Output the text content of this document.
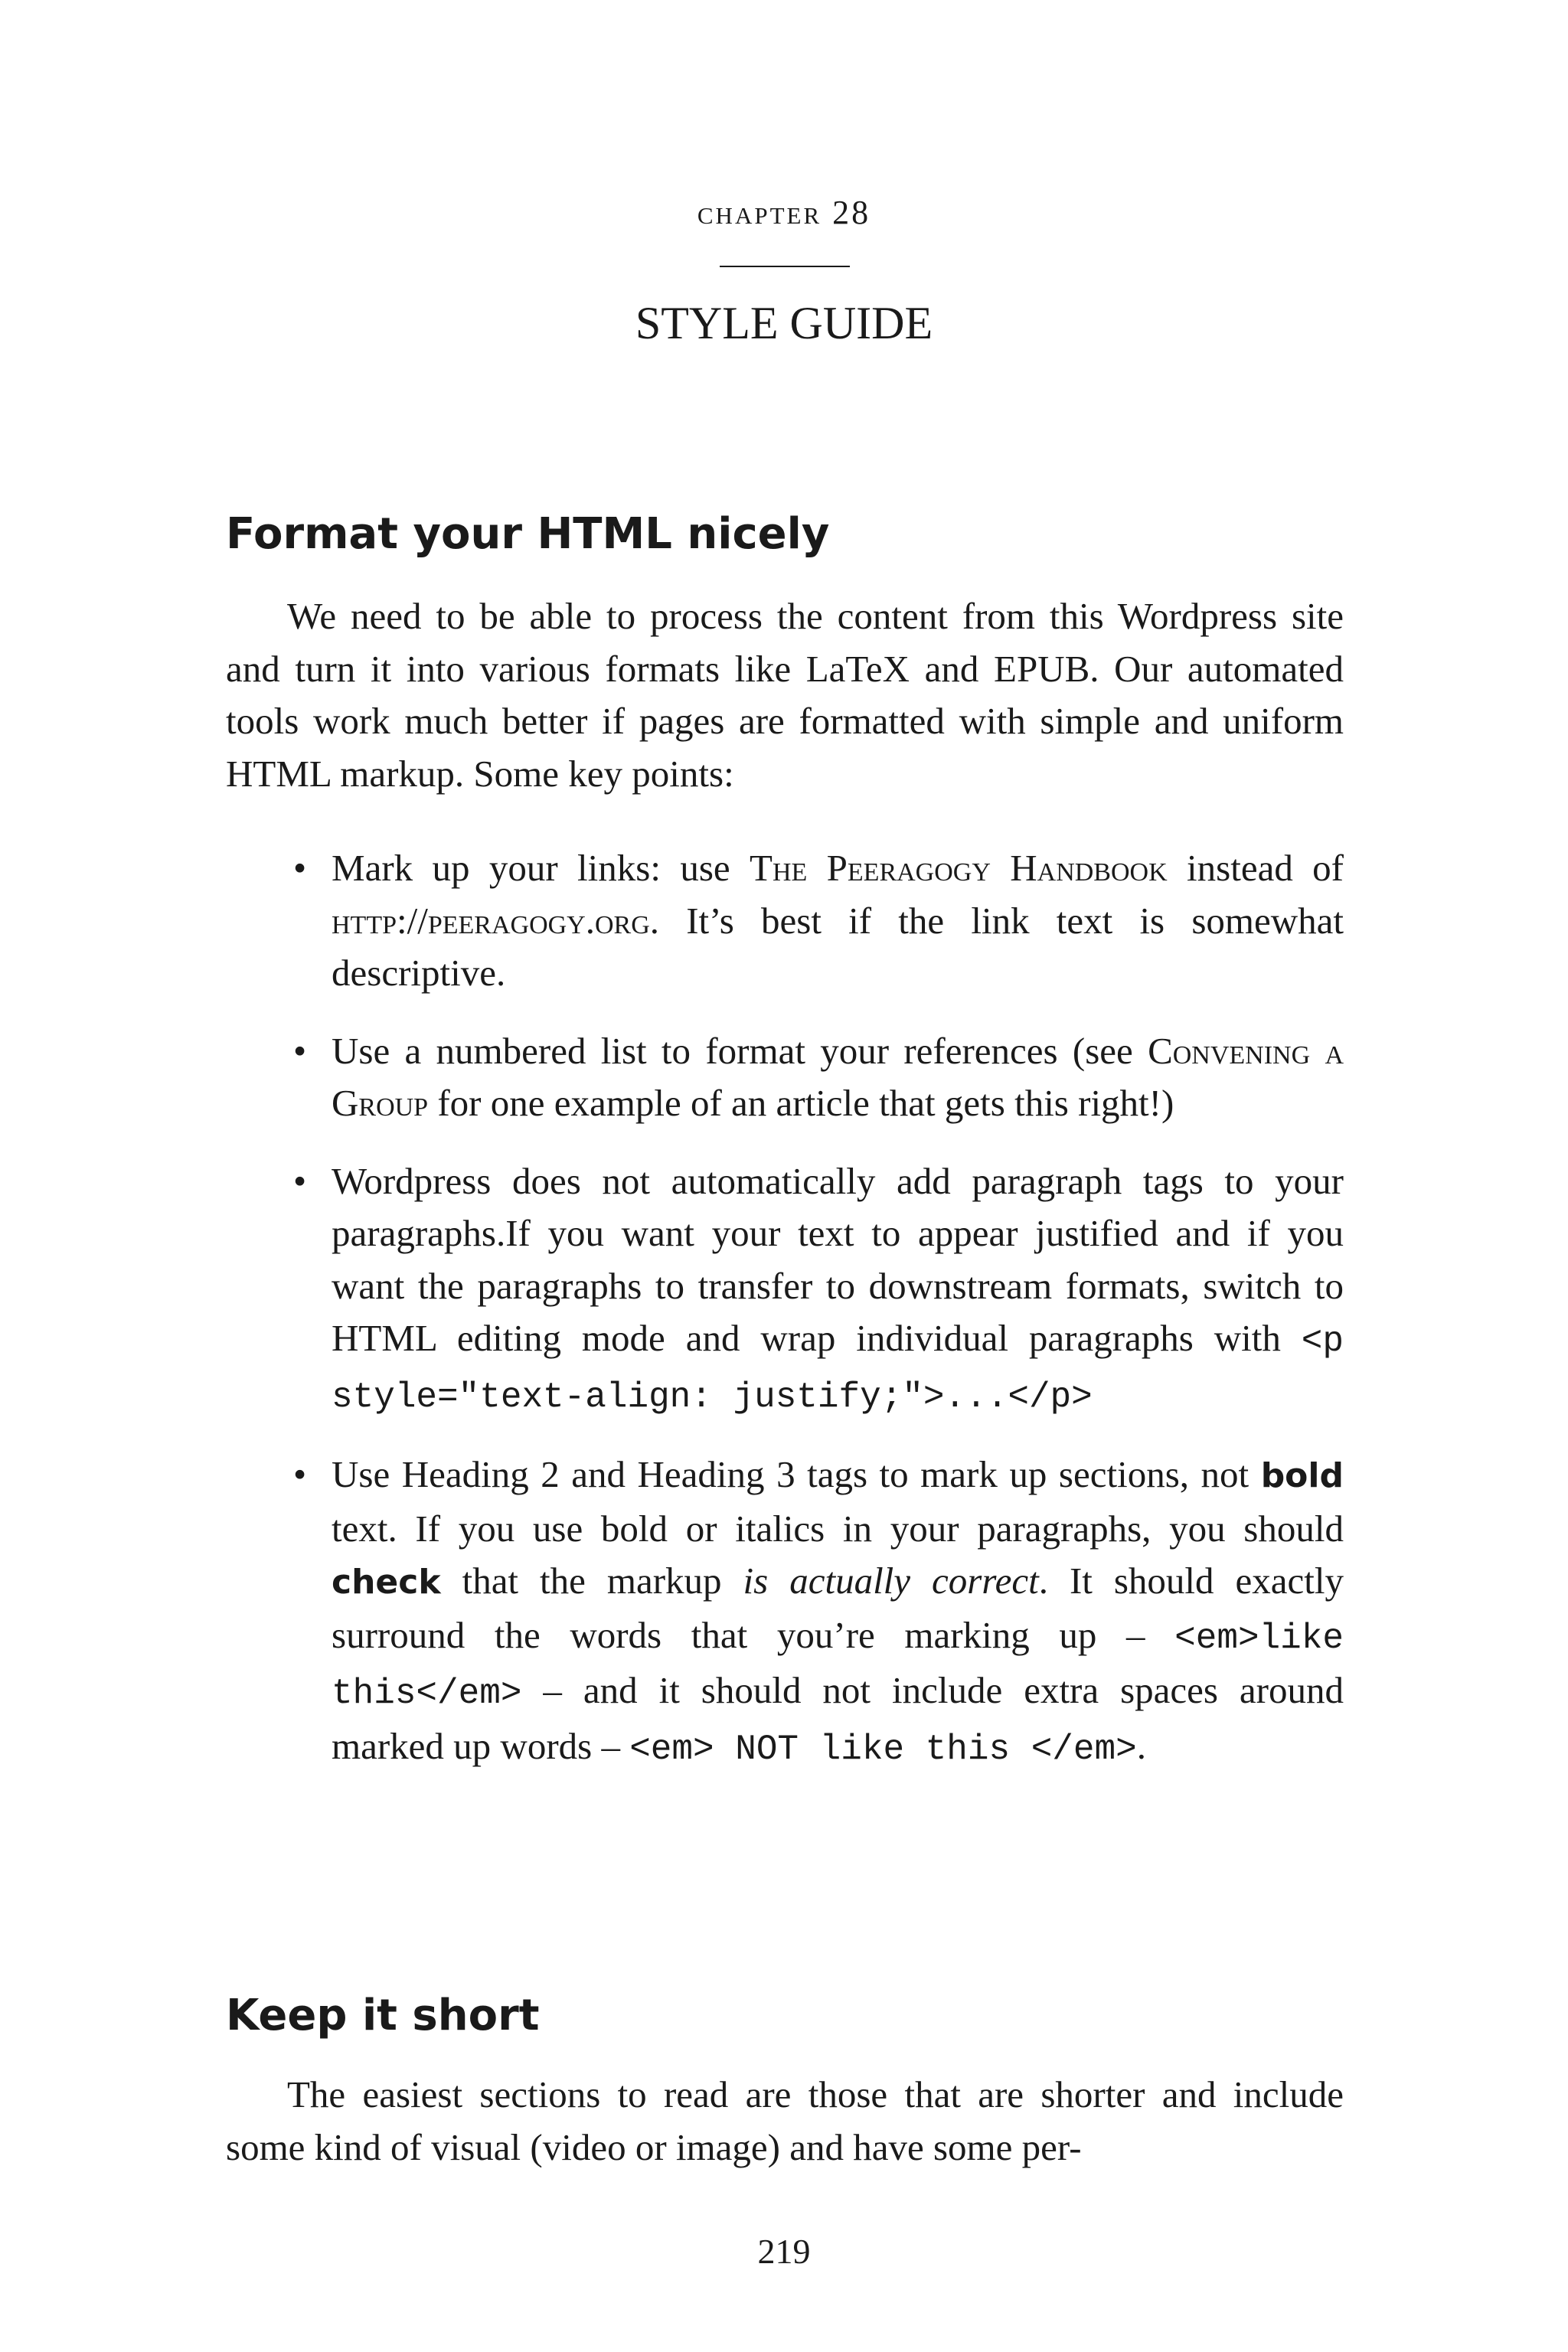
chapter 28
STYLE GUIDE
Format your HTML nicely

We need to be able to process the content from this Wordpress site and turn it into various formats like LaTeX and EPUB. Our automated tools work much better if pages are formatted with simple and uniform HTML markup. Some key points:

• Mark up your links: use The Peeragogy Handbook instead of http://peeragogy.org. It’s best if the link text is somewhat descriptive.
• Use a numbered list to format your references (see Convening a Group for one example of an article that gets this right!)
• Wordpress does not automatically add paragraph tags to your paragraphs.If you want your text to appear justified and if you want the paragraphs to transfer to downstream formats, switch to HTML editing mode and wrap individual paragraphs with <p style="text-align: justify;">...</p>
• Use Heading 2 and Heading 3 tags to mark up sections, not bold text. If you use bold or italics in your paragraphs, you should check that the markup is actually correct. It should exactly surround the words that you’re marking up – <em>like this</em> – and it should not include extra spaces around marked up words – <em> NOT like this </em>.
Keep it short

The easiest sections to read are those that are shorter and include some kind of visual (video or image) and have some per-

219
